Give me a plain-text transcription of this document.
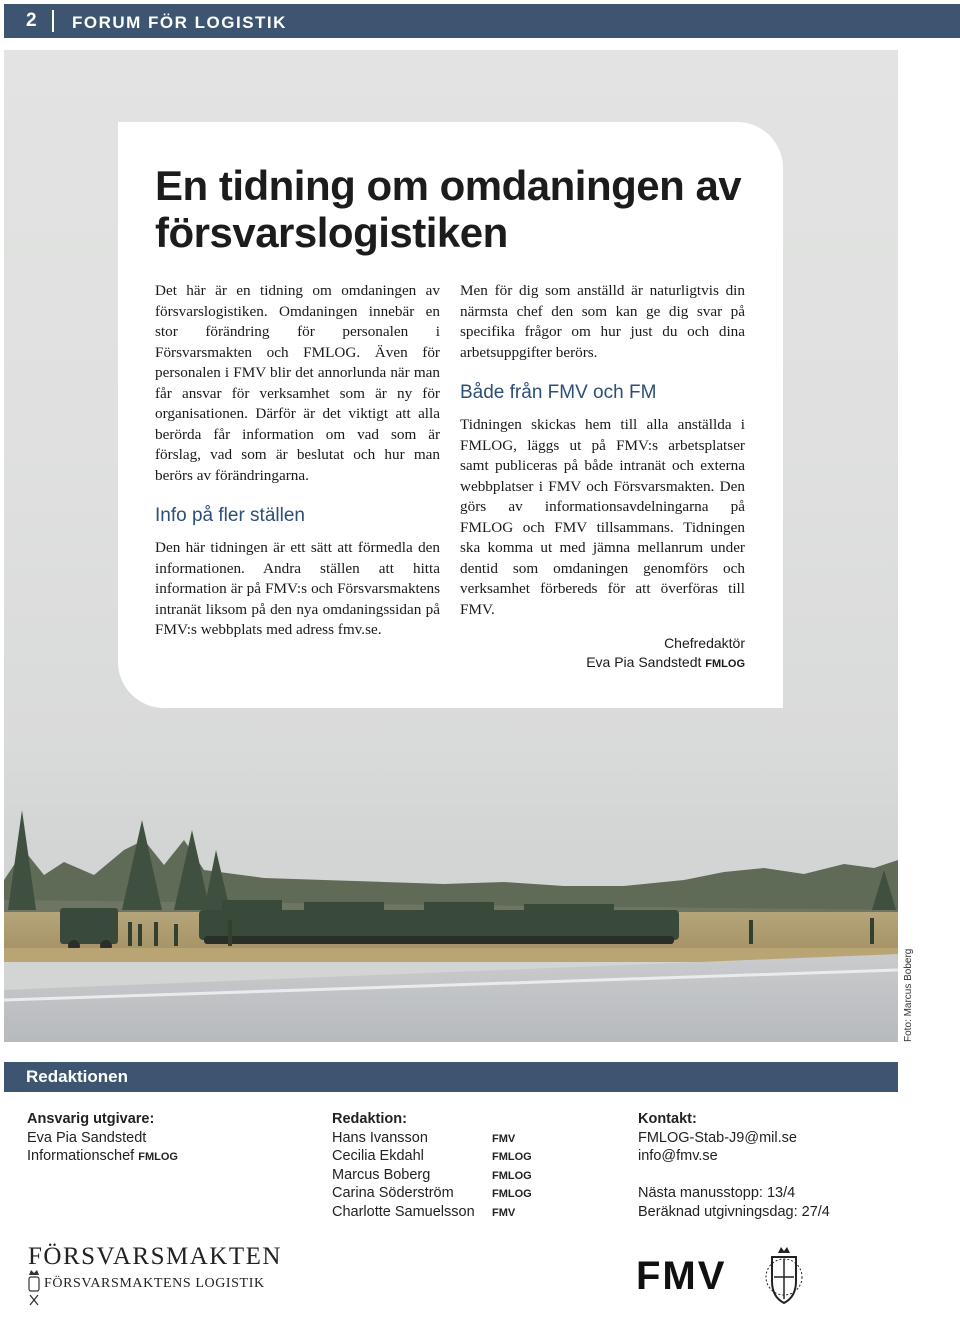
2 FORUM FÖR LOGISTIK
Foto: Marcus Boberg
En tidning om omdaningen av försvarslogistiken

Det här är en tidning om omdaningen av försvarslogistiken. Omdaningen innebär en stor förändring för personalen i Försvarsmakten och FMLOG. Även för personalen i FMV blir det annorlunda när man får ansvar för verksamhet som är ny för organisationen. Därför är det viktigt att alla berörda får information om vad som är förslag, vad som är beslutat och hur man berörs av förändringarna.

Info på fler ställen

Den här tidningen är ett sätt att förmedla den informationen. Andra ställen att hitta information är på FMV:s och Försvarsmaktens intranät liksom på den nya omdaningssidan på FMV:s webbplats med adress fmv.se.

Men för dig som anställd är naturligtvis din närmsta chef den som kan ge dig svar på specifika frågor om hur just du och dina arbetsuppgifter berörs.

Både från FMV och FM

Tidningen skickas hem till alla anställda i FMLOG, läggs ut på FMV:s arbetsplatser samt publiceras på både intranät och externa webbplatser i FMV och Försvarsmakten. Den görs av informationsavdelningarna på FMLOG och FMV tillsammans. Tidningen ska komma ut med jämna mellanrum under dentid som omdaningen genomförs och verksamhet förbereds för att överföras till FMV.

Chefredaktör
Eva Pia Sandstedt FMLOG
Redaktionen
Ansvarig utgivare:
Eva Pia Sandstedt
Informationschef FMLOG
Redaktion:
Hans Ivansson	FMV
Cecilia Ekdahl	FMLOG
Marcus Boberg	FMLOG
Carina Söderström	FMLOG
Charlotte Samuelsson FMV
Kontakt:
FMLOG-Stab-J9@mil.se
info@fmv.se
Nästa manusstopp: 13/4
Beräknad utgivningsdag: 27/4
FÖRSVARSMAKTEN
FÖRSVARSMAKTENS LOGISTIK	FMV
